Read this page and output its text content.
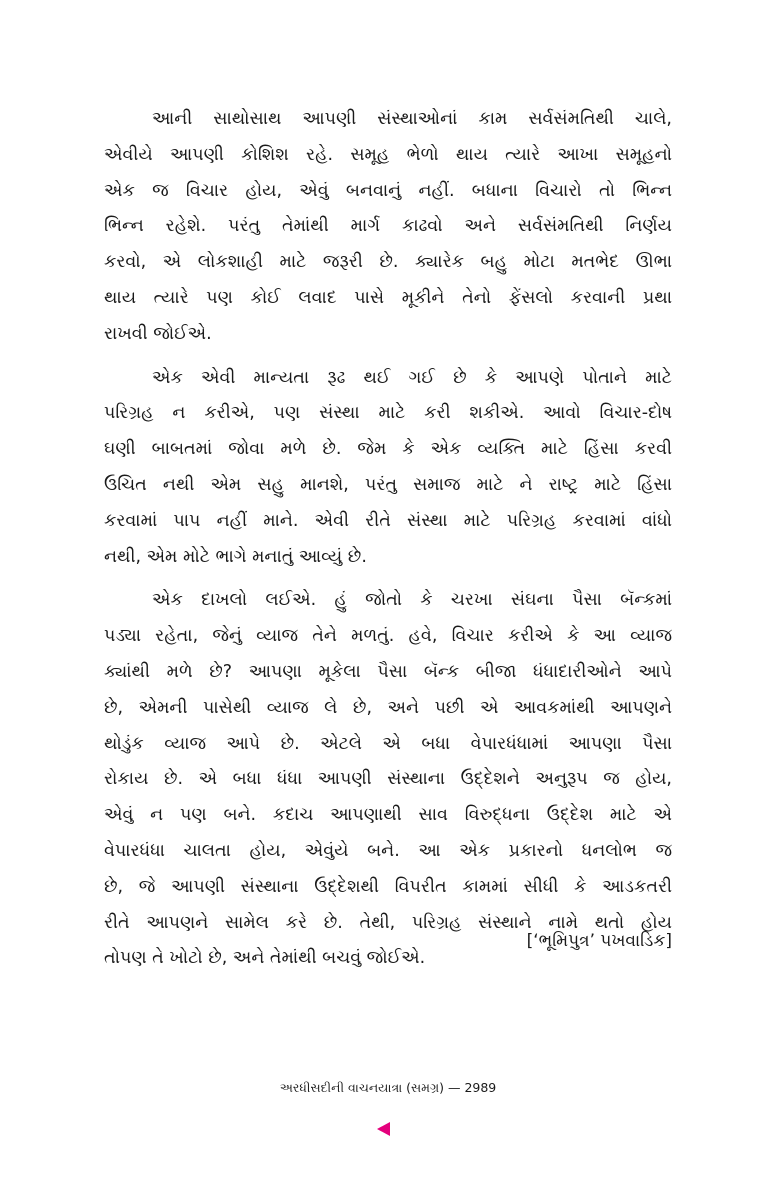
આની સાથોસાથ આપણી સંસ્થાઓનાં કામ સર્વસંમતિથી ચાલે,
એવીયે આપણી કોશિશ રહે. સમૂહ ભેળો થાય ત્યારે આખા સમૂહનો
એક જ વિચાર હોય, એવું બનવાનું નહીં. બધાના વિચારો તો ભિન્ન
ભિન્ન રહેશે. પરંતુ તેમાંથી માર્ગ કાઢવો અને સર્વસંમતિથી નિર્ણય
કરવો, એ લોકશાહી માટે જરૂરી છે. ક્યારેક બહુ મોટા મતભેદ ઊભા
થાય ત્યારે પણ કોઈ લવાદ પાસે મૂકીને તેનો ફેંસલો કરવાની પ્રથા
રાખવી જોઈએ.
એક એવી માન્યતા રૂઢ થઈ ગઈ છે કે આપણે પોતાને માટે
પરિગ્રહ ન કરીએ, પણ સંસ્થા માટે કરી શકીએ. આવો વિચાર-દોષ
ઘણી બાબતમાં જોવા મળે છે. જેમ કે એક વ્યક્તિ માટે હિંસા કરવી
ઉચિત નથી એમ સહુ માનશે, પરંતુ સમાજ માટે ને રાષ્ટ્ર માટે હિંસા
કરવામાં પાપ નહીં માને. એવી રીતે સંસ્થા માટે પરિગ્રહ કરવામાં વાંધો
નથી, એમ મોટે ભાગે મનાતું આવ્યું છે.
એક દાખલો લઈએ. હું જોતો કે ચરખા સંઘના પૈસા બૅન્કમાં
પડ્યા રહેતા, જેનું વ્યાજ તેને મળતું. હવે, વિચાર કરીએ કે આ વ્યાજ
ક્યાંથી મળે છે? આપણા મૂકેલા પૈસા બૅન્ક બીજા ધંધાદારીઓને આપે
છે, એમની પાસેથી વ્યાજ લે છે, અને પછી એ આવકમાંથી આપણને
થોડુંક વ્યાજ આપે છે. એટલે એ બધા વેપારધંધામાં આપણા પૈસા
રોકાય છે. એ બધા ધંધા આપણી સંસ્થાના ઉદ્દેશને અનુરૂપ જ હોય,
એવું ન પણ બને. કદાચ આપણાથી સાવ વિરુદ્ધના ઉદ્દેશ માટે એ
વેપારધંધા ચાલતા હોય, એવુંયે બને. આ એક પ્રકારનો ધનલોભ જ
છે, જે આપણી સંસ્થાના ઉદ્દેશથી વિપરીત કામમાં સીધી કે આડકતરી
રીતે આપણને સામેલ કરે છે. તેથી, પરિગ્રહ સંસ્થાને નામે થતો હોય
તોપણ તે ખોટો છે, અને તેમાંથી બચવું જોઈએ.
[‘ભૂમિપુત્ર’ પખવાડિક]
અરધીસદીની વાચનયાત્રા (સમગ્ર) — 2989
